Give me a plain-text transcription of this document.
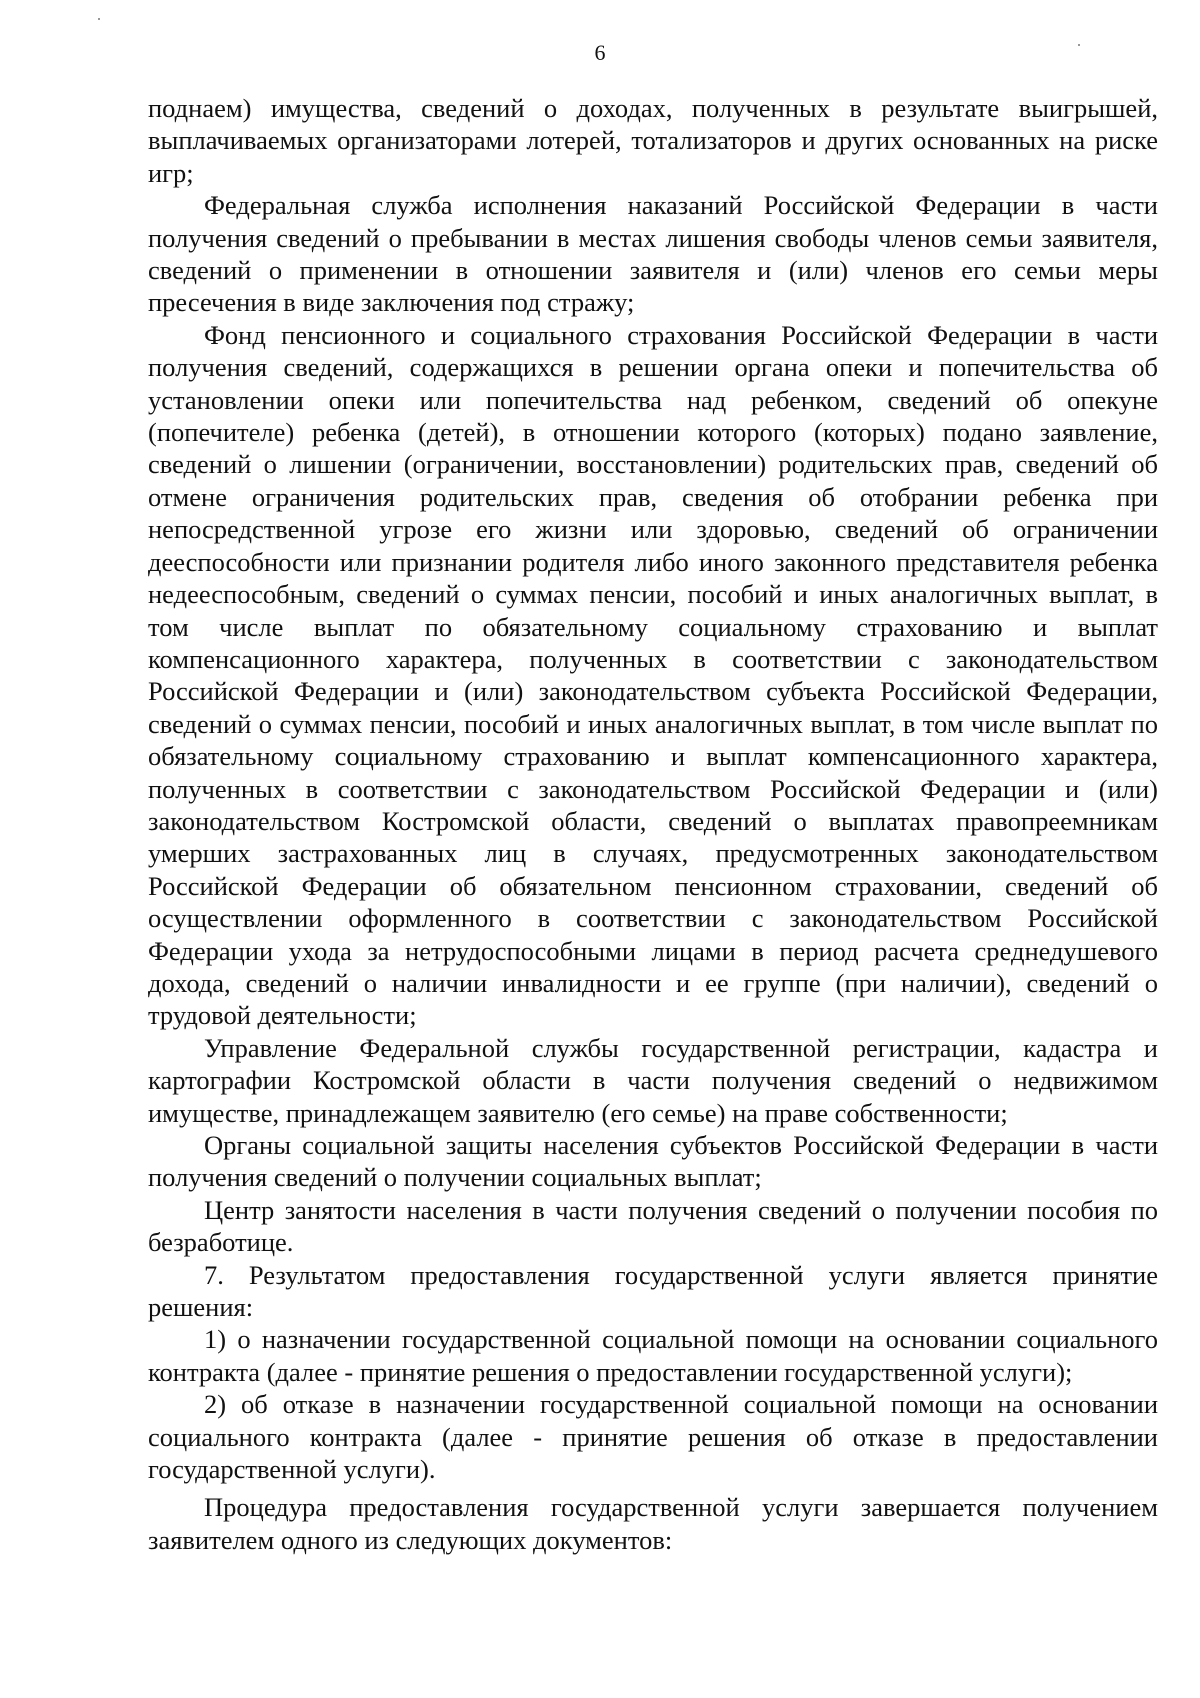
6

поднаем) имущества, сведений о доходах, полученных в результате выигрышей, выплачиваемых организаторами лотерей, тотализаторов и других основанных на риске игр;

Федеральная служба исполнения наказаний Российской Федерации в части получения сведений о пребывании в местах лишения свободы членов семьи заявителя, сведений о применении в отношении заявителя и (или) членов его семьи меры пресечения в виде заключения под стражу;

Фонд пенсионного и социального страхования Российской Федерации в части получения сведений, содержащихся в решении органа опеки и попечительства об установлении опеки или попечительства над ребенком, сведений об опекуне (попечителе) ребенка (детей), в отношении которого (которых) подано заявление, сведений о лишении (ограничении, восстановлении) родительских прав, сведений об отмене ограничения родительских прав, сведения об отобрании ребенка при непосредственной угрозе его жизни или здоровью, сведений об ограничении дееспособности или признании родителя либо иного законного представителя ребенка недееспособным, сведений о суммах пенсии, пособий и иных аналогичных выплат, в том числе выплат по обязательному социальному страхованию и выплат компенсационного характера, полученных в соответствии с законодательством Российской Федерации и (или) законодательством субъекта Российской Федерации, сведений о суммах пенсии, пособий и иных аналогичных выплат, в том числе выплат по обязательному социальному страхованию и выплат компенсационного характера, полученных в соответствии с законодательством Российской Федерации и (или) законодательством Костромской области, сведений о выплатах правопреемникам умерших застрахованных лиц в случаях, предусмотренных законодательством Российской Федерации об обязательном пенсионном страховании, сведений об осуществлении оформленного в соответствии с законодательством Российской Федерации ухода за нетрудоспособными лицами в период расчета среднедушевого дохода, сведений о наличии инвалидности и ее группе (при наличии), сведений о трудовой деятельности;

Управление Федеральной службы государственной регистрации, кадастра и картографии Костромской области в части получения сведений о недвижимом имуществе, принадлежащем заявителю (его семье) на праве собственности;

Органы социальной защиты населения субъектов Российской Федерации в части получения сведений о получении социальных выплат;

Центр занятости населения в части получения сведений о получении пособия по безработице.

7. Результатом предоставления государственной услуги является принятие решения:

1) о назначении государственной социальной помощи на основании социального контракта (далее - принятие решения о предоставлении государственной услуги);

2) об отказе в назначении государственной социальной помощи на основании социального контракта (далее - принятие решения об отказе в предоставлении государственной услуги).

Процедура предоставления государственной услуги завершается получением заявителем одного из следующих документов:
